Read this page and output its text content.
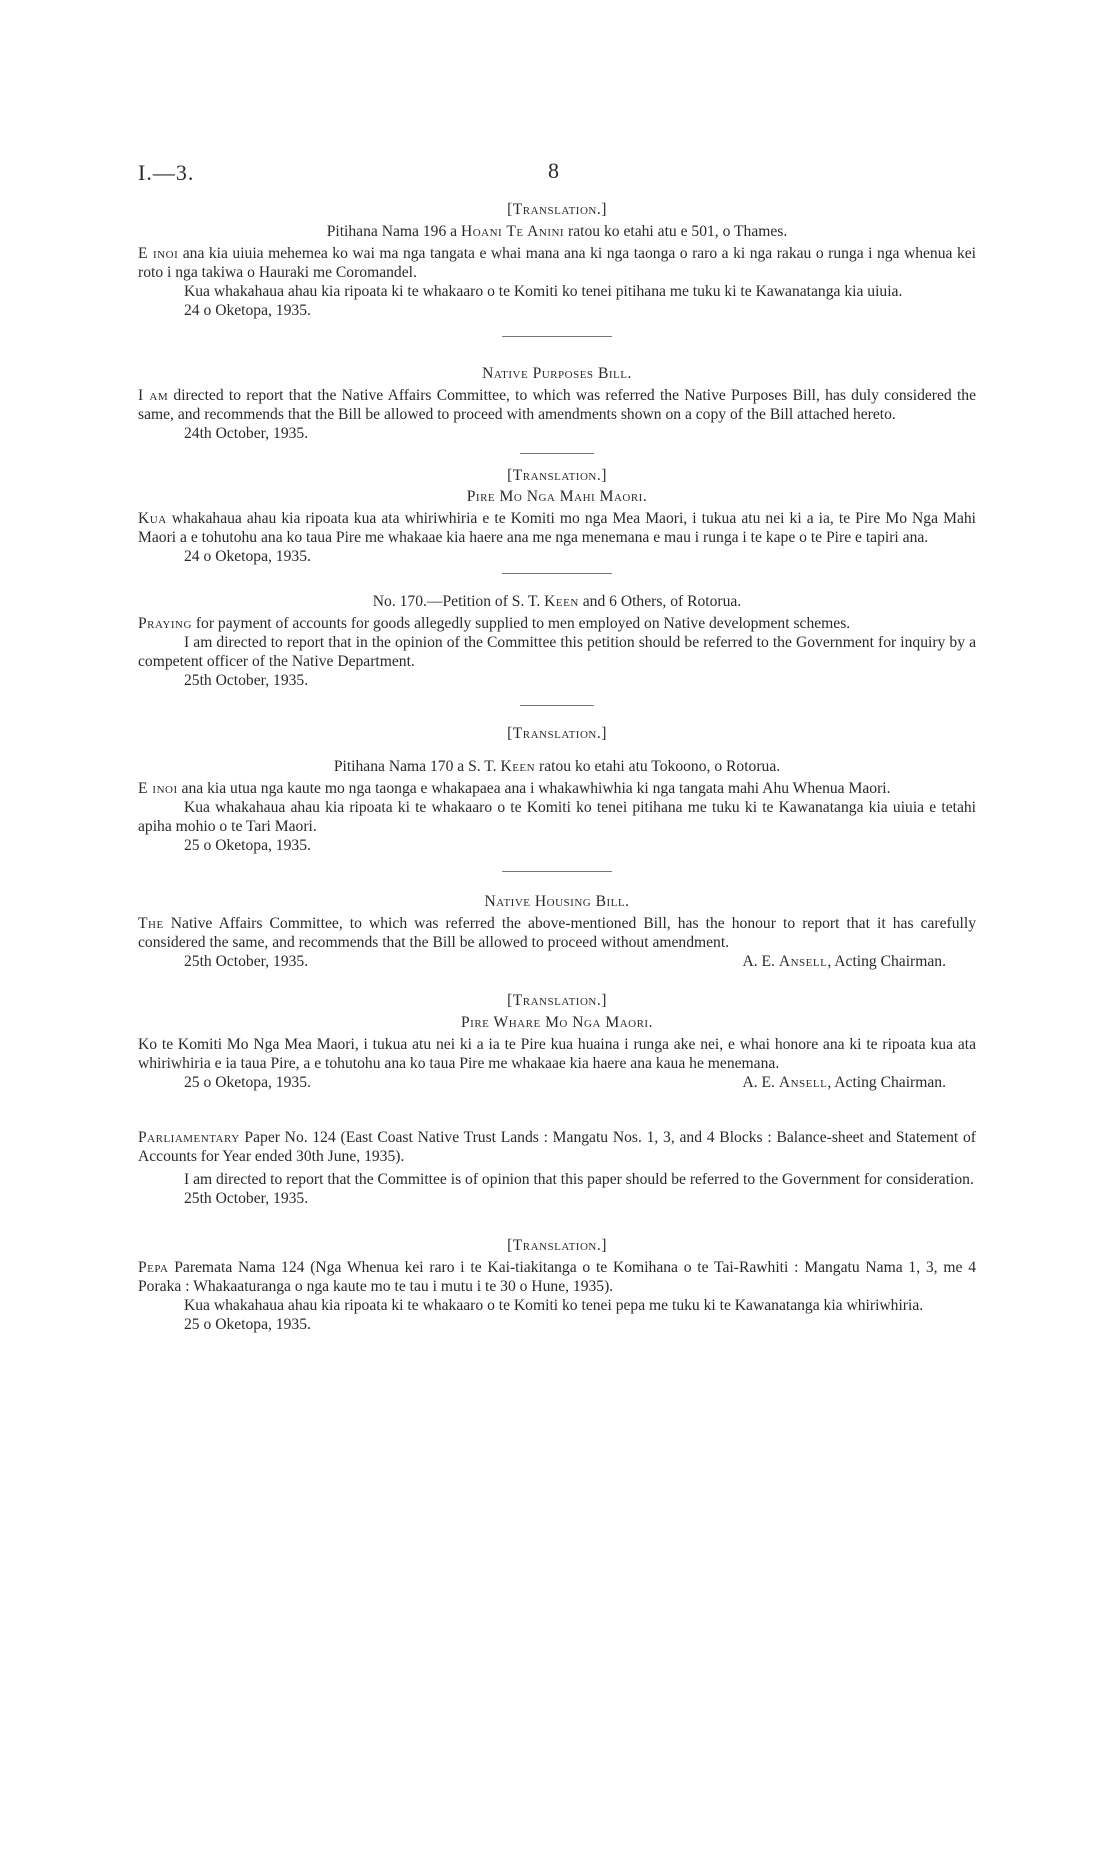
I.—3.	8

[Translation.]

Pitihana Nama 196 a Hoani Te Anini ratou ko etahi atu e 501, o Thames.

E inoi ana kia uiuia mehemea ko wai ma nga tangata e whai mana ana ki nga taonga o raro a ki nga rakau o runga i nga whenua kei roto i nga takiwa o Hauraki me Coromandel.

Kua whakahaua ahau kia ripoata ki te whakaaro o te Komiti ko tenei pitihana me tuku ki te Kawanatanga kia uiuia.

24 o Oketopa, 1935.

Native Purposes Bill.

I am directed to report that the Native Affairs Committee, to which was referred the Native Purposes Bill, has duly considered the same, and recommends that the Bill be allowed to proceed with amendments shown on a copy of the Bill attached hereto.

24th October, 1935.

[Translation.]

Pire Mo Nga Mahi Maori.

Kua whakahaua ahau kia ripoata kua ata whiriwhiria e te Komiti mo nga Mea Maori, i tukua atu nei ki a ia, te Pire Mo Nga Mahi Maori a e tohutohu ana ko taua Pire me whakaae kia haere ana me nga menemana e mau i runga i te kape o te Pire e tapiri ana.

24 o Oketopa, 1935.

No. 170.—Petition of S. T. Keen and 6 Others, of Rotorua.

Praying for payment of accounts for goods allegedly supplied to men employed on Native development schemes.

I am directed to report that in the opinion of the Committee this petition should be referred to the Government for inquiry by a competent officer of the Native Department.

25th October, 1935.

[Translation.]

Pitihana Nama 170 a S. T. Keen ratou ko etahi atu Tokoono, o Rotorua.

E inoi ana kia utua nga kaute mo nga taonga e whakapaea ana i whakawhiwhia ki nga tangata mahi Ahu Whenua Maori.

Kua whakahaua ahau kia ripoata ki te whakaaro o te Komiti ko tenei pitihana me tuku ki te Kawanatanga kia uiuia e tetahi apiha mohio o te Tari Maori.

25 o Oketopa, 1935.

Native Housing Bill.

The Native Affairs Committee, to which was referred the above-mentioned Bill, has the honour to report that it has carefully considered the same, and recommends that the Bill be allowed to proceed without amendment.

25th October, 1935.	A. E. Ansell, Acting Chairman.

[Translation.]

Pire Whare Mo Nga Maori.

Ko te Komiti Mo Nga Mea Maori, i tukua atu nei ki a ia te Pire kua huaina i runga ake nei, e whai honore ana ki te ripoata kua ata whiriwhiria e ia taua Pire, a e tohutohu ana ko taua Pire me whakaae kia haere ana kaua he menemana.

25 o Oketopa, 1935.	A. E. Ansell, Acting Chairman.

Parliamentary Paper No. 124 (East Coast Native Trust Lands : Mangatu Nos. 1, 3, and 4 Blocks : Balance-sheet and Statement of Accounts for Year ended 30th June, 1935).

I am directed to report that the Committee is of opinion that this paper should be referred to the Government for consideration.

25th October, 1935.

[Translation.]

Pepa Paremata Nama 124 (Nga Whenua kei raro i te Kai-tiakitanga o te Komihana o te Tai-Rawhiti : Mangatu Nama 1, 3, me 4 Poraka : Whakaaturanga o nga kaute mo te tau i mutu i te 30 o Hune, 1935).

Kua whakahaua ahau kia ripoata ki te whakaaro o te Komiti ko tenei pepa me tuku ki te Kawanatanga kia whiriwhiria.

25 o Oketopa, 1935.
